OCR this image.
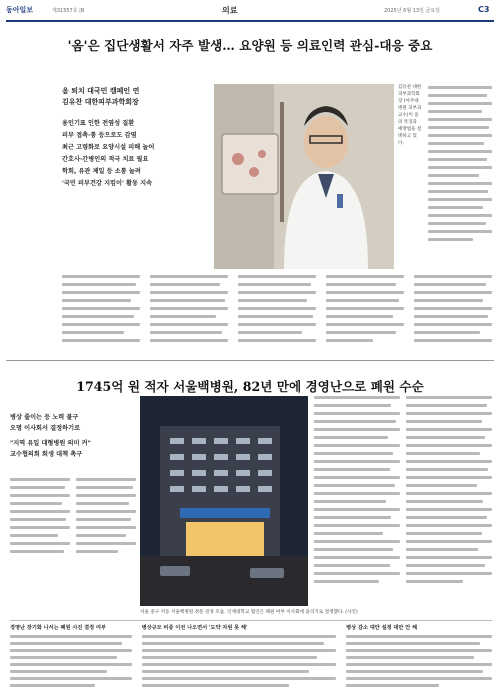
동아일보	제31557호 |B	의료	2025년 6월 13일 금요일	C3
'옴'은 집단생활서 자주 발생… 요양원 등 의료인력 관심-대응 중요
옴 퇴치 대국민 캠페인 연
김유찬 대한피부과학회장
용인기표 인한 전염성 질환
피부 접촉·통 등으로도 감염
최근 고령화로 요양시설 피해 늘어
간호사·간병인의 적극 치료 필요
학회, 유관 제일 등 소통 늘려
'국민 피부건강 지킴이' 활동 지속
김유찬 대한피부과학회장 (아주대병원 피부과 교수)이 옴의 특징과 예방법을 설명하고 있다.
1745억 원 적자 서울백병원, 82년 만에 경영난으로 폐원 수순
병상 줄이는 등 노력 불구
오명 이사회서 결정하기로
"지역 유일 대형병원 의미 커"
교수협의회 회생 대책 촉구
서울 중구 저동 서울백병원 정문 전경 모습. 인제대학교 법인은 폐원 여부 이사회에 올리기로 결정했다. (사진)
경영난 장기화 나서는 폐원 사진 결정 여부	병상규모 비중 이전 나오면서 '도약 자원 못 해'	병상 감소 대안 설정 대만 안 해
